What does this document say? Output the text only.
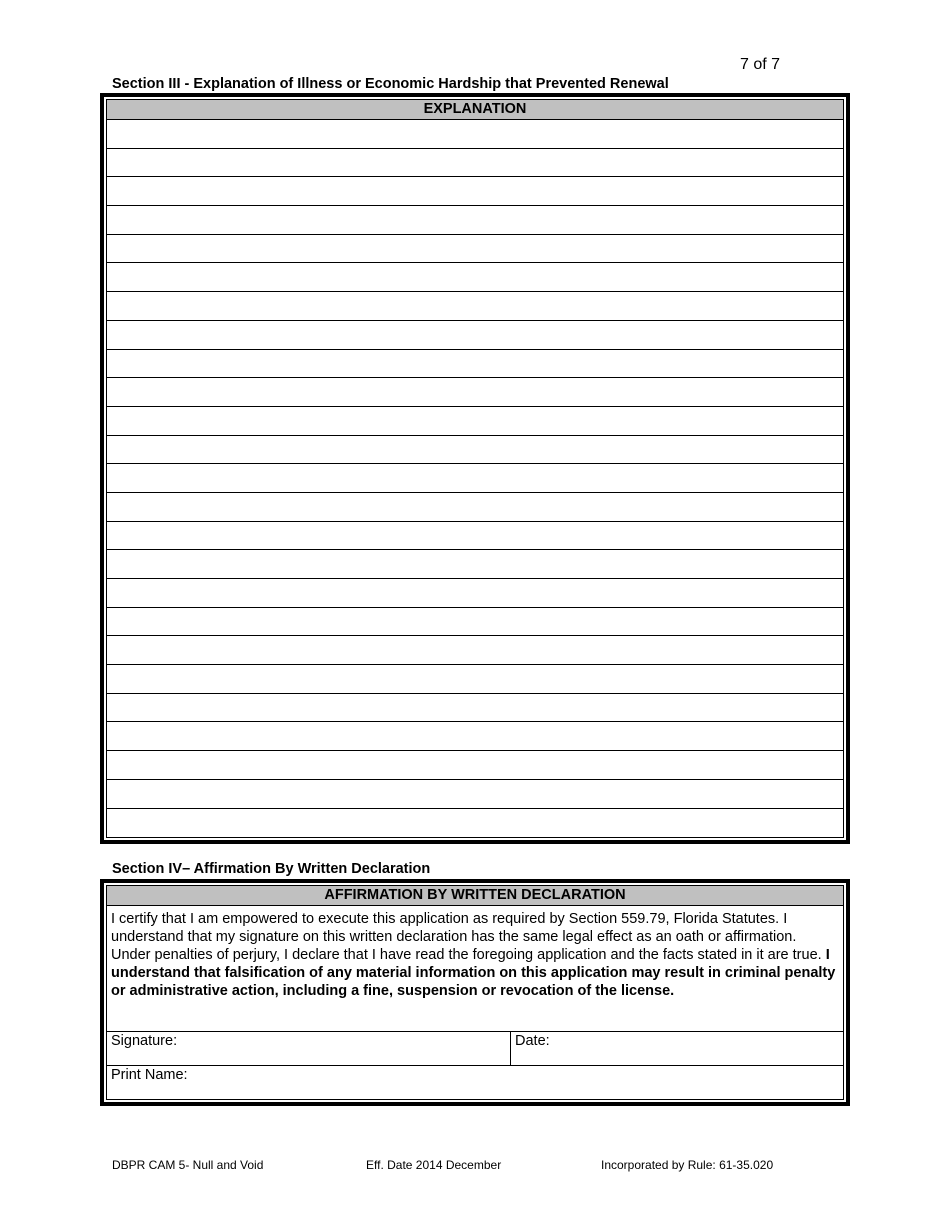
7 of 7
Section III - Explanation of Illness or Economic Hardship that Prevented Renewal
EXPLANATION
Section IV– Affirmation By Written Declaration
AFFIRMATION BY WRITTEN DECLARATION
I certify that I am empowered to execute this application as required by Section 559.79, Florida Statutes. I understand that my signature on this written declaration has the same legal effect as an oath or affirmation. Under penalties of perjury, I declare that I have read the foregoing application and the facts stated in it are true. I understand that falsification of any material information on this application may result in criminal penalty or administrative action, including a fine, suspension or revocation of the license.
Signature:	Date:
Print Name:
DBPR CAM 5- Null and Void	Eff. Date 2014 December	Incorporated by Rule: 61-35.020
